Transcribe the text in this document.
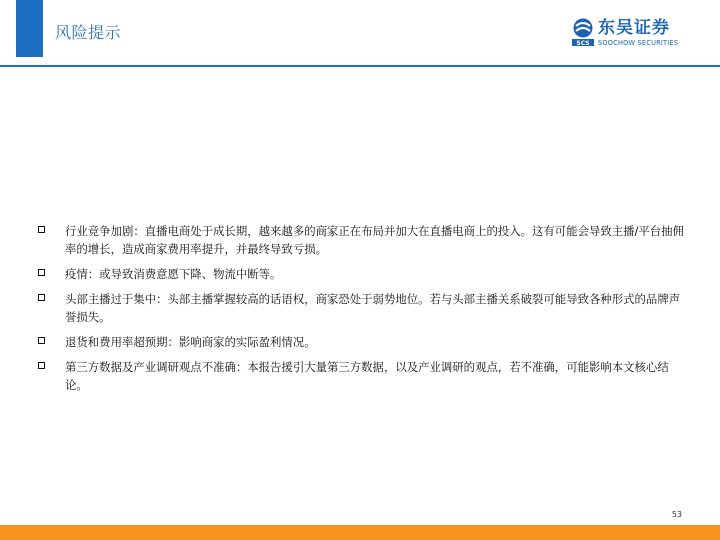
风险提示
SCS
东吴证券
SOOCHOW SECURITIES
行业竞争加剧：直播电商处于成长期，越来越多的商家正在布局并加大在直播电商上的投入。这有可能会导致主播/平台抽佣率的增长，造成商家费用率提升，并最终导致亏损。
疫情：或导致消费意愿下降、物流中断等。
头部主播过于集中：头部主播掌握较高的话语权，商家恐处于弱势地位。若与头部主播关系破裂可能导致各种形式的品牌声誉损失。
退货和费用率超预期：影响商家的实际盈利情况。
第三方数据及产业调研观点不准确：本报告援引大量第三方数据，以及产业调研的观点，若不准确，可能影响本文核心结论。
53
